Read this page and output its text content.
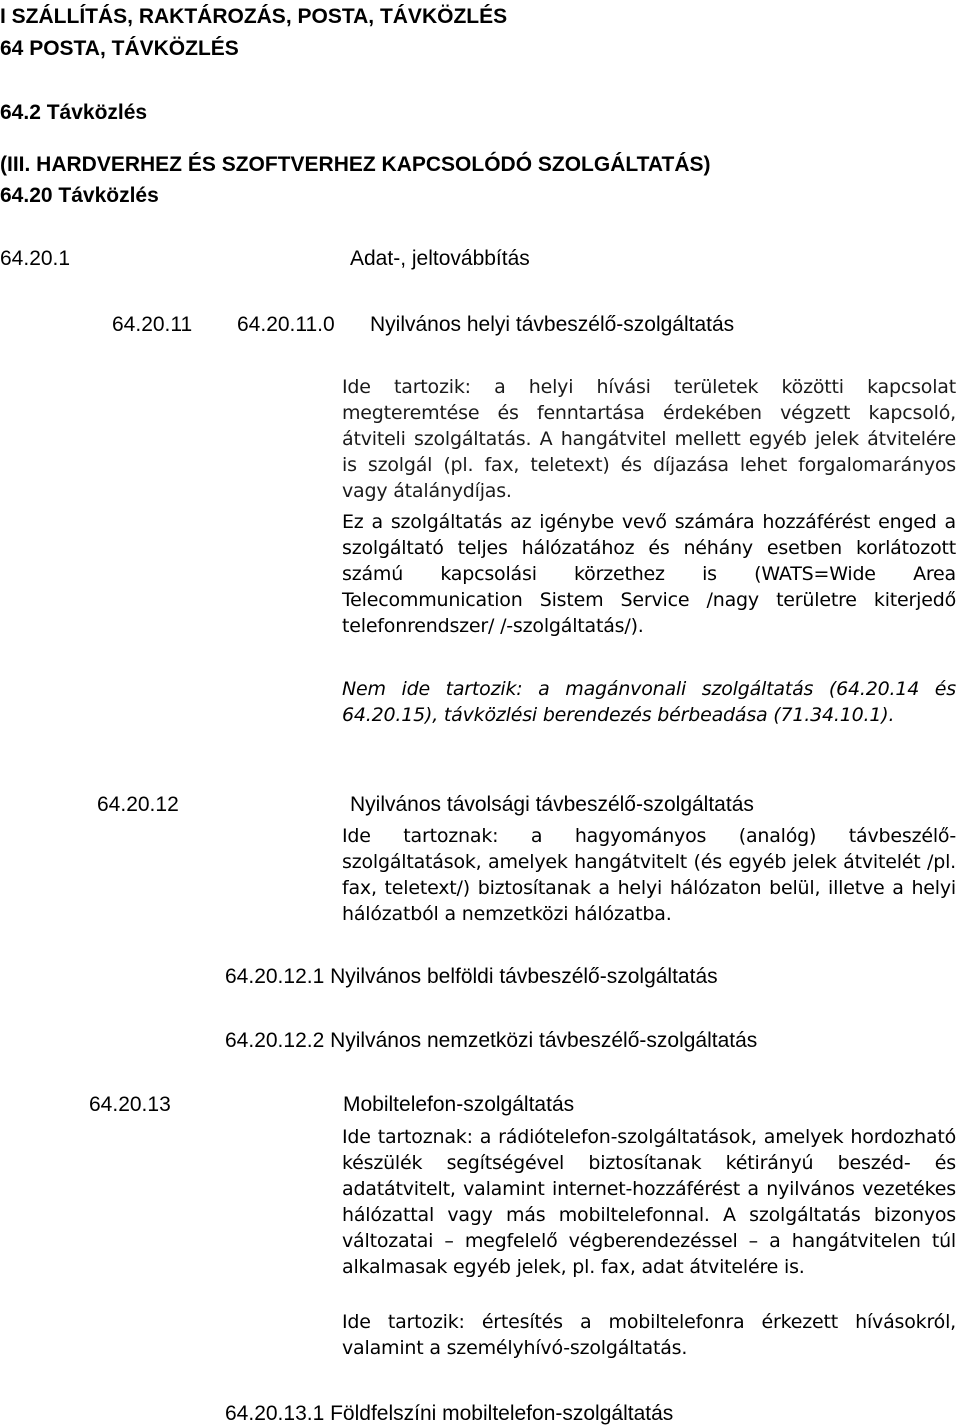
I SZÁLLÍTÁS, RAKTÁROZÁS, POSTA, TÁVKÖZLÉS
64 POSTA, TÁVKÖZLÉS
64.2 Távközlés
(III. HARDVERHEZ ÉS SZOFTVERHEZ KAPCSOLÓDÓ SZOLGÁLTATÁS)
64.20 Távközlés
64.20.1	Adat-, jeltovábbítás
64.20.11 64.20.11.0 Nyilvános helyi távbeszélő-szolgáltatás
Ide tartozik: a helyi hívási területek közötti kapcsolat megteremtése és fenntartása érdekében végzett kapcsoló, átviteli szolgáltatás. A hangátvitel mellett egyéb jelek átvitelére is szolgál (pl. fax, teletext) és díjazása lehet forgalomarányos vagy átalánydíjas.
Ez a szolgáltatás az igénybe vevő számára hozzáférést enged a szolgáltató teljes hálózatához és néhány esetben korlátozott számú kapcsolási körzethez is (WATS=Wide Area Telecommunication Sistem Service /nagy területre kiterjedő telefonrendszer/ /-szolgáltatás/).
Nem ide tartozik: a magánvonali szolgáltatás (64.20.14 és 64.20.15), távközlési berendezés bérbeadása (71.34.10.1).
64.20.12	Nyilvános távolsági távbeszélő-szolgáltatás
Ide tartoznak: a hagyományos (analóg) távbeszélő-szolgáltatások, amelyek hangátvitelt (és egyéb jelek átvitelét /pl. fax, teletext/) biztosítanak a helyi hálózaton belül, illetve a helyi hálózatból a nemzetközi hálózatba.
64.20.12.1 Nyilvános belföldi távbeszélő-szolgáltatás
64.20.12.2 Nyilvános nemzetközi távbeszélő-szolgáltatás
64.20.13	Mobiltelefon-szolgáltatás
Ide tartoznak: a rádiótelefon-szolgáltatások, amelyek hordozható készülék segítségével biztosítanak kétirányú beszéd- és adatátvitelt, valamint internet-hozzáférést a nyilvános vezetékes hálózattal vagy más mobiltelefonnal. A szolgáltatás bizonyos változatai – megfelelő végberendezéssel – a hangátvitelen túl alkalmasak egyéb jelek, pl. fax, adat átvitelére is.
Ide tartozik: értesítés a mobiltelefonra érkezett hívásokról, valamint a személyhívó-szolgáltatás.
64.20.13.1 Földfelszíni mobiltelefon-szolgáltatás
